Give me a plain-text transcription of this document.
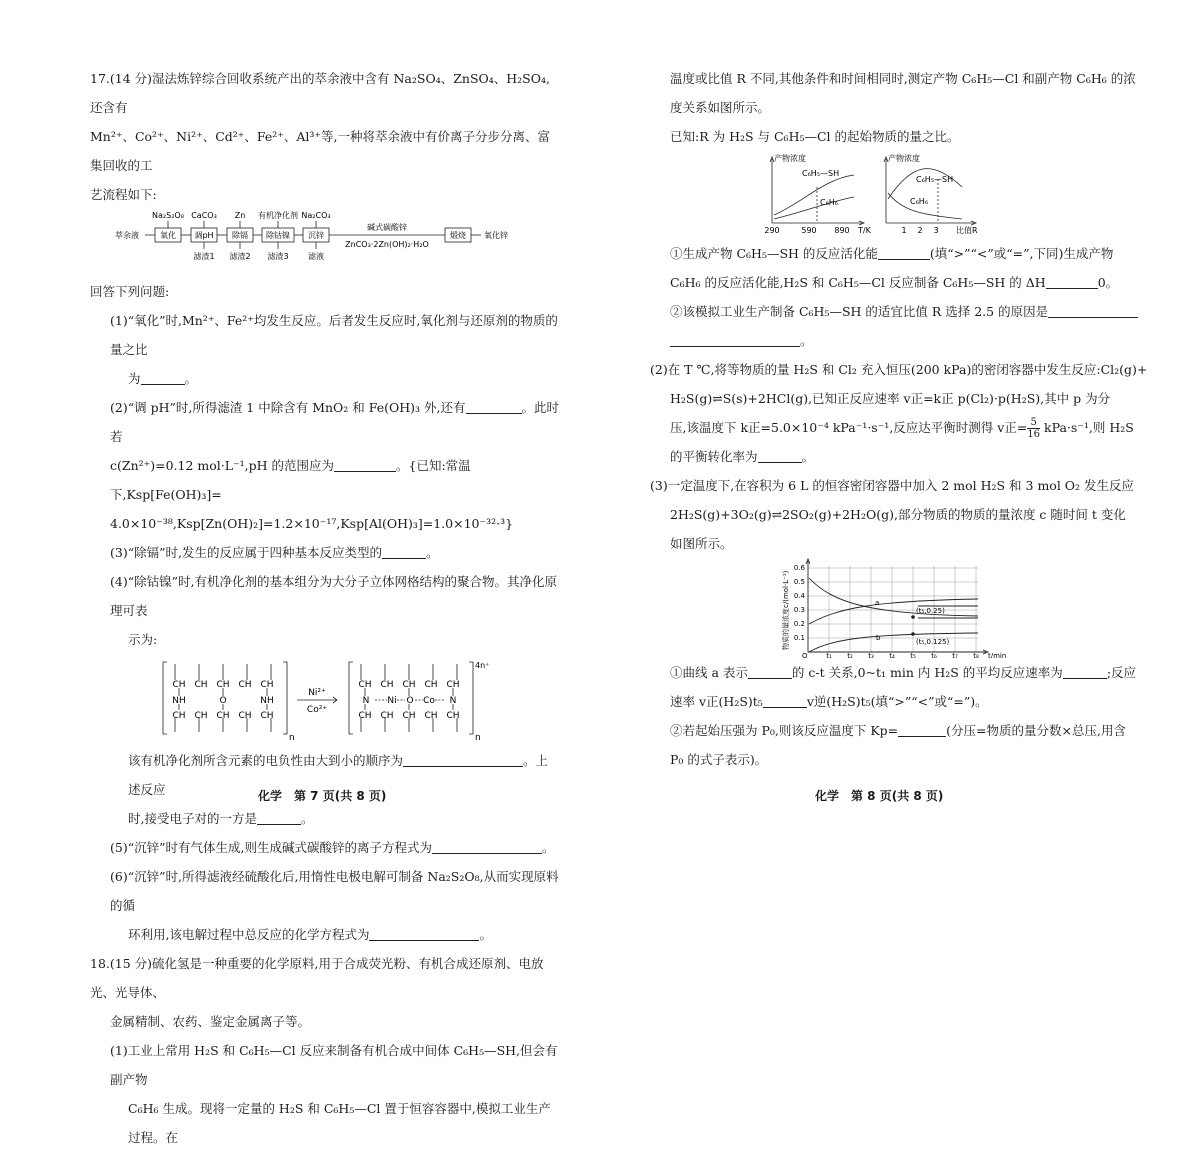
17.(14 分)湿法炼锌综合回收系统产出的萃余液中含有 Na₂SO₄、ZnSO₄、H₂SO₄,还含有

Mn²⁺、Co²⁺、Ni²⁺、Cd²⁺、Fe²⁺、Al³⁺等,一种将萃余液中有价离子分步分离、富集回收的工

艺流程如下:

萃余液
Na₂S₂O₈ CaCO₃ Zn 有机净化剂 Na₂CO₃
氧化 调pH 除镉 除钴镍 沉锌	煅烧
滤渣1 滤渣2 滤渣3 滤液
碱式碳酸锌
ZnCO₃·2Zn(OH)₂·H₂O
氧化锌

回答下列问题:

(1)“氧化”时,Mn²⁺、Fe²⁺均发生反应。后者发生反应时,氧化剂与还原剂的物质的量之比

为	。

(2)“调 pH”时,所得滤渣 1 中除含有 MnO₂ 和 Fe(OH)₃ 外,还有	。此时若

c(Zn²⁺)=0.12 mol·L⁻¹,pH 的范围应为	。{已知:常温下,Ksp[Fe(OH)₃]=

4.0×10⁻³⁸,Ksp[Zn(OH)₂]=1.2×10⁻¹⁷,Ksp[Al(OH)₃]=1.0×10⁻³²·³}

(3)“除镉”时,发生的反应属于四种基本反应类型的	。

(4)“除钴镍”时,有机净化剂的基本组分为大分子立体网格结构的聚合物。其净化原理可表

示为:

CH CH CH CH CH
NH	O	NH
CH CH CH CH CH
Ni²⁺
Co²⁺
CH CH CH CH CH
N Ni O Co N
CH CH CH CH CH
n	n
4n⁺

该有机净化剂所含元素的电负性由大到小的顺序为	。上述反应

时,接受电子对的一方是	。

(5)“沉锌”时有气体生成,则生成碱式碳酸锌的离子方程式为	。

(6)“沉锌”时,所得滤液经硫酸化后,用惰性电极电解可制备 Na₂S₂O₈,从而实现原料的循

环利用,该电解过程中总反应的化学方程式为	。

18.(15 分)硫化氢是一种重要的化学原料,用于合成荧光粉、有机合成还原剂、电放光、光导体、

金属精制、农药、鉴定金属离子等。

(1)工业上常用 H₂S 和 C₆H₅—Cl 反应来制备有机合成中间体 C₆H₅—SH,但会有副产物

C₆H₆ 生成。现将一定量的 H₂S 和 C₆H₅—Cl 置于恒容容器中,模拟工业生产过程。在

化学　第 7 页(共 8 页)

温度或比值 R 不同,其他条件和时间相同时,测定产物 C₆H₅—Cl 和副产物 C₆H₆ 的浓

度关系如图所示。

已知:R 为 H₂S 与 C₆H₅—Cl 的起始物质的量之比。

产物浓度
C₆H₅—SH
C₆H₆
290	590 890 T/K
产物浓度
C₆H₅—SH
C₆H₆
1 2 3 比值R

①生成产物 C₆H₅—SH 的反应活化能	(填“>”“<”或“=”,下同)生成产物

C₆H₆ 的反应活化能,H₂S 和 C₆H₅—Cl 反应制备 C₆H₅—SH 的 ΔH	0。

②该模拟工业生产制备 C₆H₅—SH 的适宜比值 R 选择 2.5 的原因是

。

(2)在 T ℃,将等物质的量 H₂S 和 Cl₂ 充入恒压(200 kPa)的密闭容器中发生反应:Cl₂(g)+

H₂S(g)⇌S(s)+2HCl(g),已知正反应速率 v正=k正 p(Cl₂)·p(H₂S),其中 p 为分

压,该温度下 k正=5.0×10⁻⁴ kPa⁻¹·s⁻¹,反应达平衡时测得 v正= $\frac{5}{16} kPa\cdot s^{-1}$,则 H₂S

的平衡转化率为	。

(3)一定温度下,在容积为 6 L 的恒容密闭容器中加入 2 mol H₂S 和 3 mol O₂ 发生反应

2H₂S(g)+3O₂(g)⇌2SO₂(g)+2H₂O(g),部分物质的物质的量浓度 c 随时间 t 变化

如图所示。

物质的量浓度c/(mol·L⁻¹)
0.6
0.5
0.4
0.3
0.2
0.1
O	t₁ t₂ t₃ t₄ t₅ t₆ t₇ t₈ t/min
a
b
(t₅,0.25)
(t₅,0.125)

①曲线 a 表示	的 c-t 关系,0~t₁ min 内 H₂S 的平均反应速率为	;反应

速率 v正(H₂S)t₅	v逆(H₂S)t₅(填“>”“<”或“=”)。

②若起始压强为 P₀,则该反应温度下 Kp=	(分压=物质的量分数×总压,用含

P₀ 的式子表示)。

化学　第 8 页(共 8 页)
